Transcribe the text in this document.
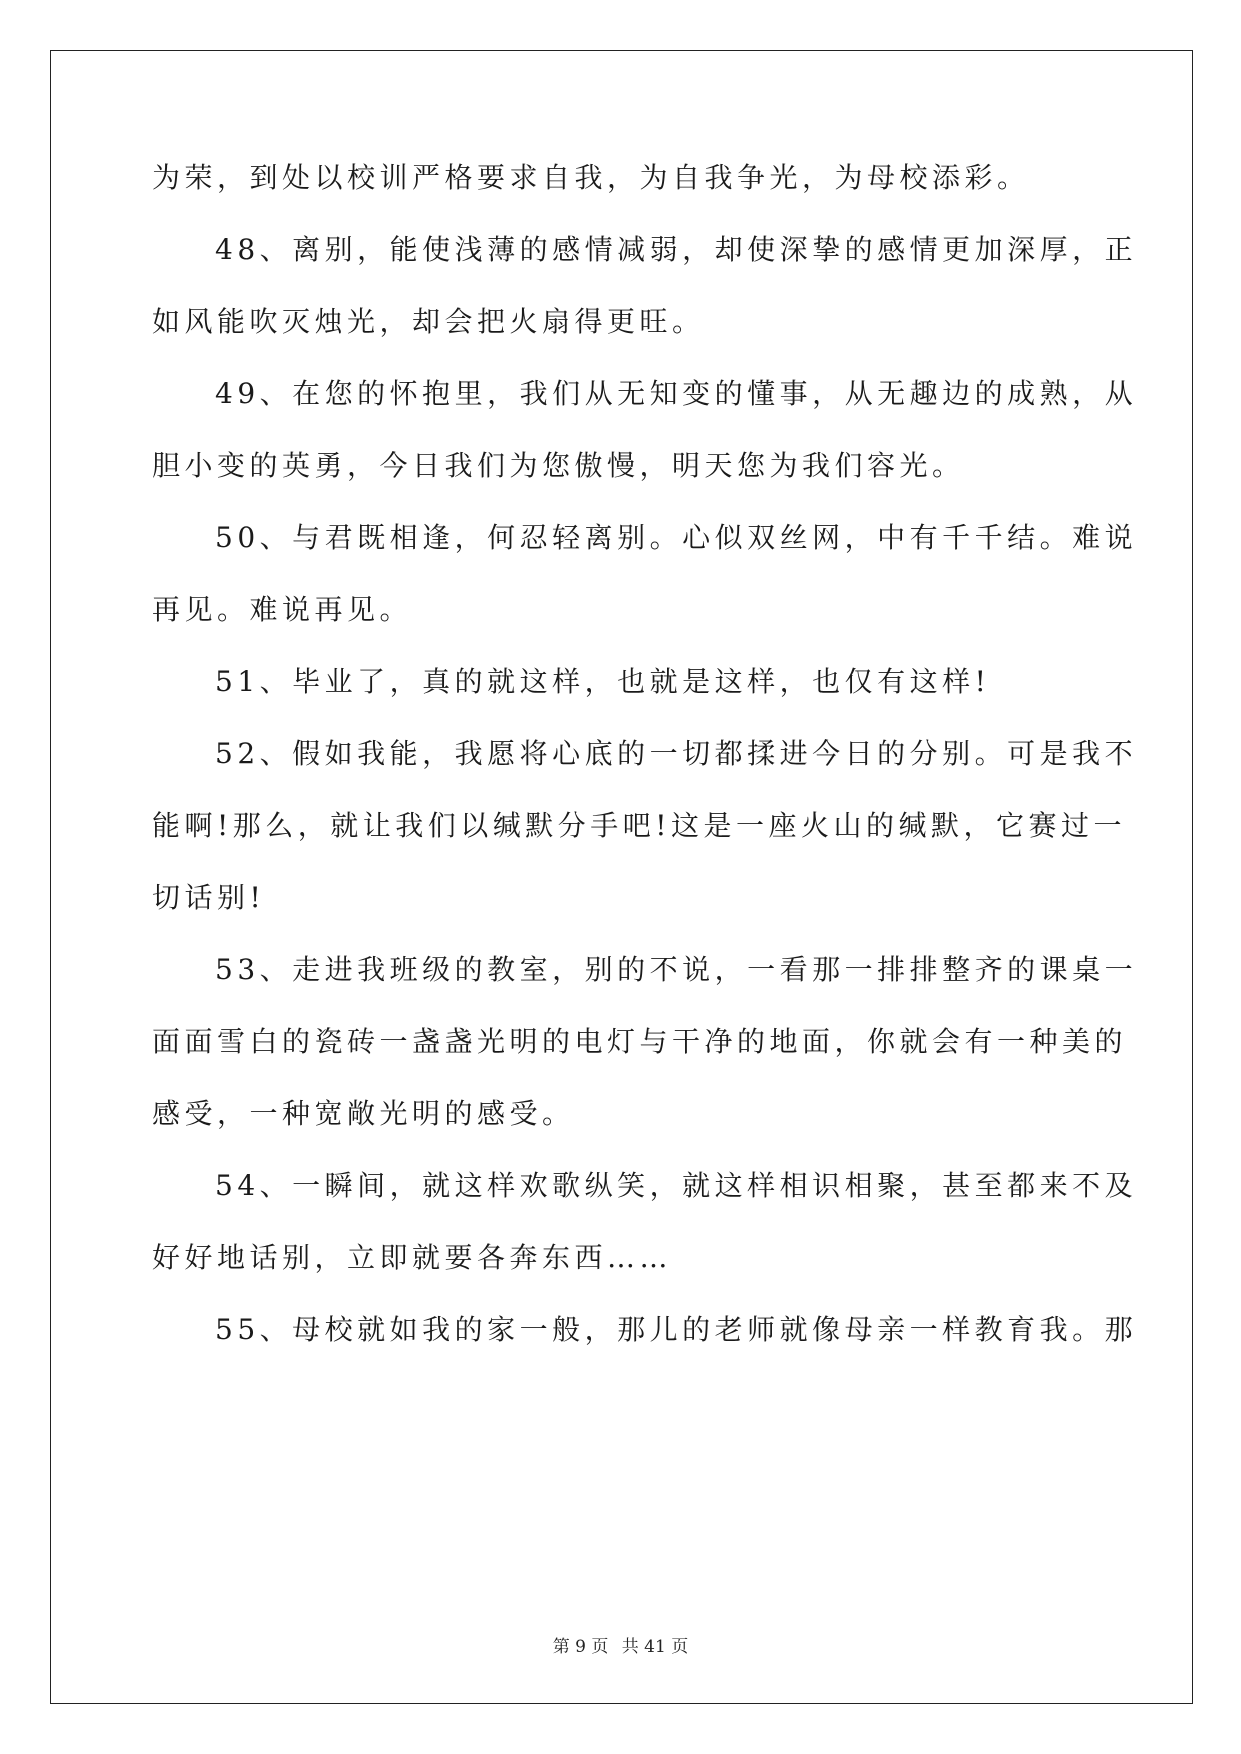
为荣，到处以校训严格要求自我，为自我争光，为母校添彩。
48、离别，能使浅薄的感情减弱，却使深挚的感情更加深厚，正
如风能吹灭烛光，却会把火扇得更旺。
49、在您的怀抱里，我们从无知变的懂事，从无趣边的成熟，从
胆小变的英勇，今日我们为您傲慢，明天您为我们容光。
50、与君既相逢，何忍轻离别。心似双丝网，中有千千结。难说
再见。难说再见。
51、毕业了，真的就这样，也就是这样，也仅有这样!
52、假如我能，我愿将心底的一切都揉进今日的分别。可是我不
能啊!那么，就让我们以缄默分手吧!这是一座火山的缄默，它赛过一
切话别!
53、走进我班级的教室，别的不说，一看那一排排整齐的课桌一
面面雪白的瓷砖一盏盏光明的电灯与干净的地面，你就会有一种美的
感受，一种宽敞光明的感受。
54、一瞬间，就这样欢歌纵笑，就这样相识相聚，甚至都来不及
好好地话别，立即就要各奔东西……
55、母校就如我的家一般，那儿的老师就像母亲一样教育我。那
第 9 页 共 41 页
